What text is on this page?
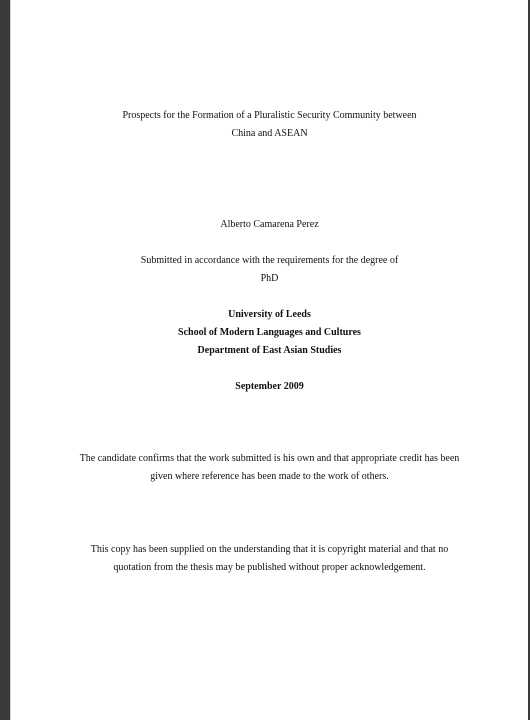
Prospects for the Formation of a Pluralistic Security Community between
China and ASEAN
Alberto Camarena Perez
Submitted in accordance with the requirements for the degree of
PhD
University of Leeds
School of Modern Languages and Cultures
Department of East Asian Studies
September 2009
The candidate confirms that the work submitted is his own and that appropriate credit has been
given where reference has been made to the work of others.
This copy has been supplied on the understanding that it is copyright material and that no
quotation from the thesis may be published without proper acknowledgement.
